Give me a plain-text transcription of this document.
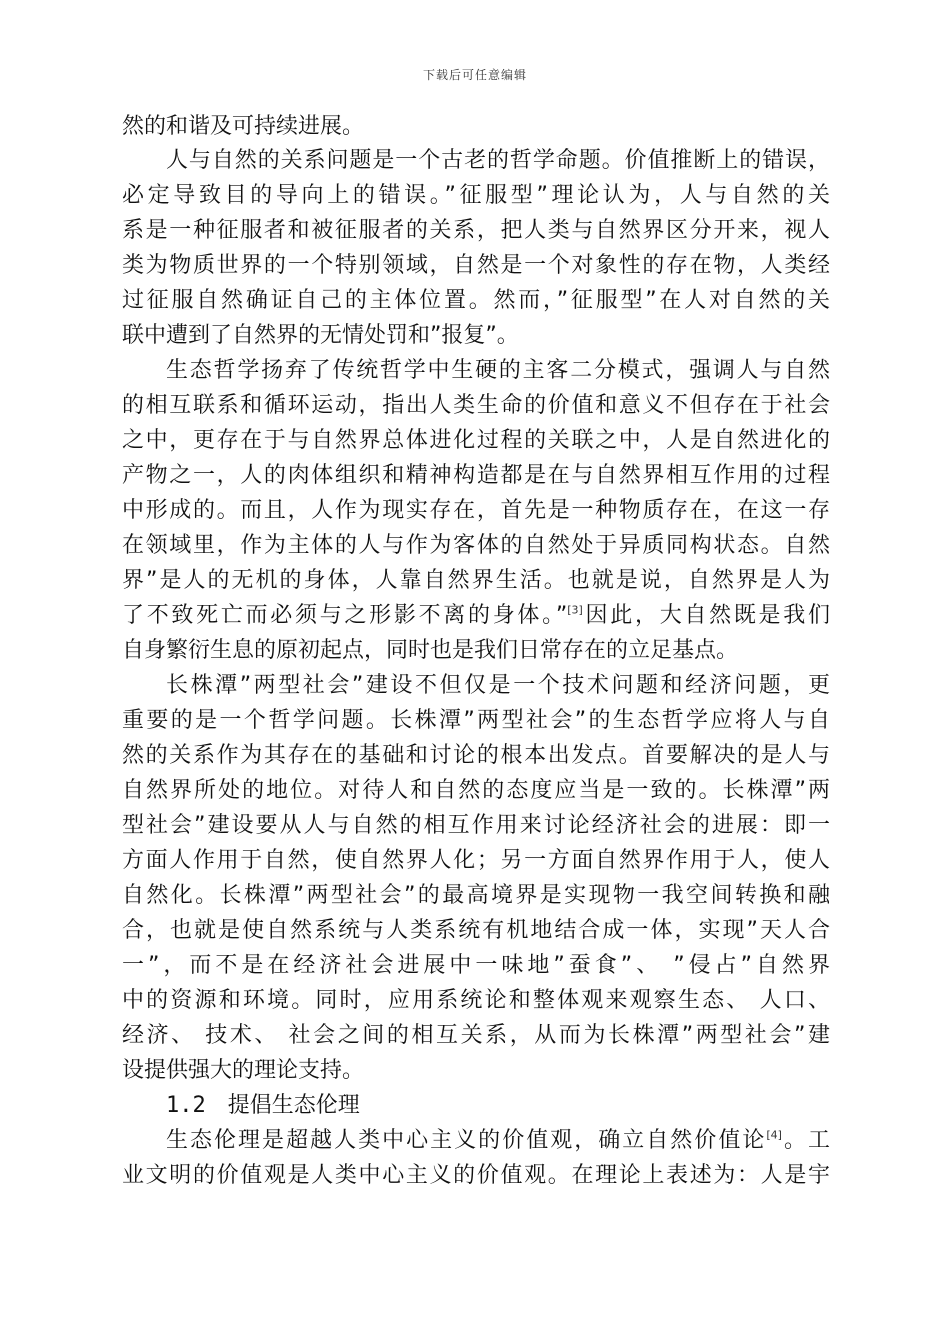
下载后可任意编辑
然的和谐及可持续进展。
人与自然的关系问题是一个古老的哲学命题。价值推断上的错误，
必定导致目的导向上的错误。”征服型”理论认为，人与自然的关
系是一种征服者和被征服者的关系，把人类与自然界区分开来，视人
类为物质世界的一个特别领域，自然是一个对象性的存在物，人类经
过征服自然确证自己的主体位置。然而，”征服型”在人对自然的关
联中遭到了自然界的无情处罚和”报复”。
生态哲学扬弃了传统哲学中生硬的主客二分模式，强调人与自然
的相互联系和循环运动，指出人类生命的价值和意义不但存在于社会
之中，更存在于与自然界总体进化过程的关联之中，人是自然进化的
产物之一，人的肉体组织和精神构造都是在与自然界相互作用的过程
中形成的。而且，人作为现实存在，首先是一种物质存在，在这一存
在领域里，作为主体的人与作为客体的自然处于异质同构状态。自然
界”是人的无机的身体，人靠自然界生活。也就是说，自然界是人为
了不致死亡而必须与之形影不离的身体。”[3]因此，大自然既是我们
自身繁衍生息的原初起点，同时也是我们日常存在的立足基点。
长株潭”两型社会”建设不但仅是一个技术问题和经济问题，更
重要的是一个哲学问题。长株潭”两型社会”的生态哲学应将人与自
然的关系作为其存在的基础和讨论的根本出发点。首要解决的是人与
自然界所处的地位。对待人和自然的态度应当是一致的。长株潭”两
型社会”建设要从人与自然的相互作用来讨论经济社会的进展：即一
方面人作用于自然，使自然界人化；另一方面自然界作用于人，使人
自然化。长株潭”两型社会”的最高境界是实现物一我空间转换和融
合，也就是使自然系统与人类系统有机地结合成一体，实现”天人合
一”，而不是在经济社会进展中一味地”蚕食”、 ”侵占”自然界
中的资源和环境。同时，应用系统论和整体观来观察生态、 人口、
经济、 技术、 社会之间的相互关系，从而为长株潭”两型社会”建
设提供强大的理论支持。
1.2 提倡生态伦理
生态伦理是超越人类中心主义的价值观，确立自然价值论[4]。工
业文明的价值观是人类中心主义的价值观。在理论上表述为：人是宇
